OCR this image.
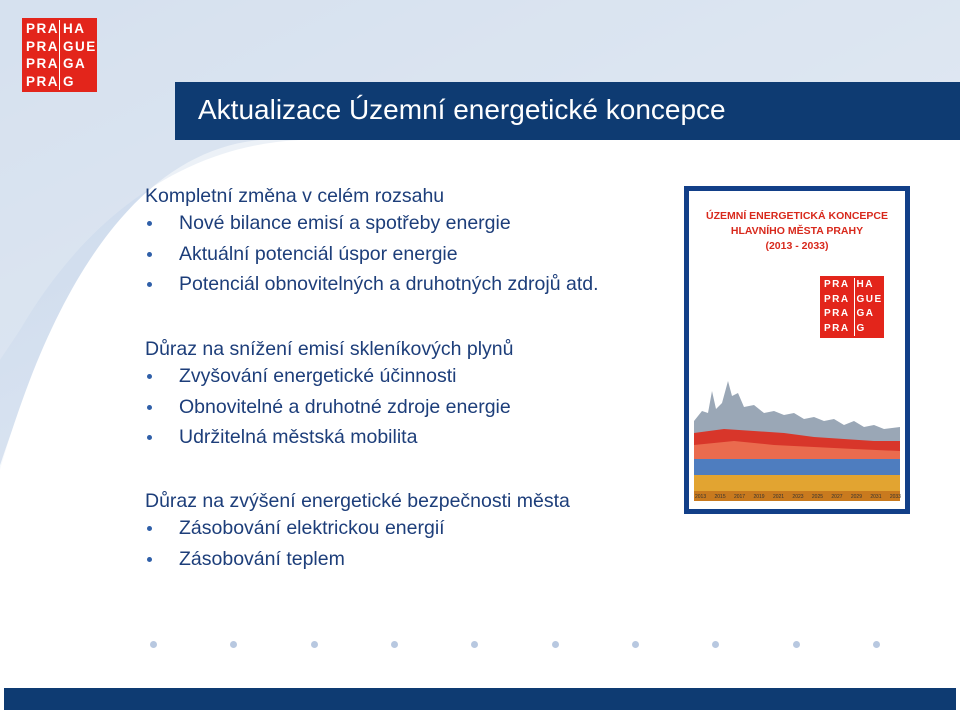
PRA HA
PRA GUE
PRA GA
PRA G
Aktualizace Územní energetické koncepce
Kompletní změna v celém rozsahu
Nové bilance emisí a spotřeby energie
Aktuální potenciál úspor energie
Potenciál obnovitelných a druhotných zdrojů atd.
Důraz na snížení emisí skleníkových plynů
Zvyšování energetické účinnosti
Obnovitelné a druhotné zdroje energie
Udržitelná městská mobilita
Důraz na zvýšení energetické bezpečnosti města
Zásobování elektrickou energií
Zásobování teplem
ÚZEMNÍ ENERGETICKÁ KONCEPCE
HLAVNÍHO MĚSTA PRAHY
(2013 - 2033)
PRA HA
PRA GUE
PRA GA
PRA G
2013 2015 2017 2019 2021 2023 2025 2027 2029 2031 2033
